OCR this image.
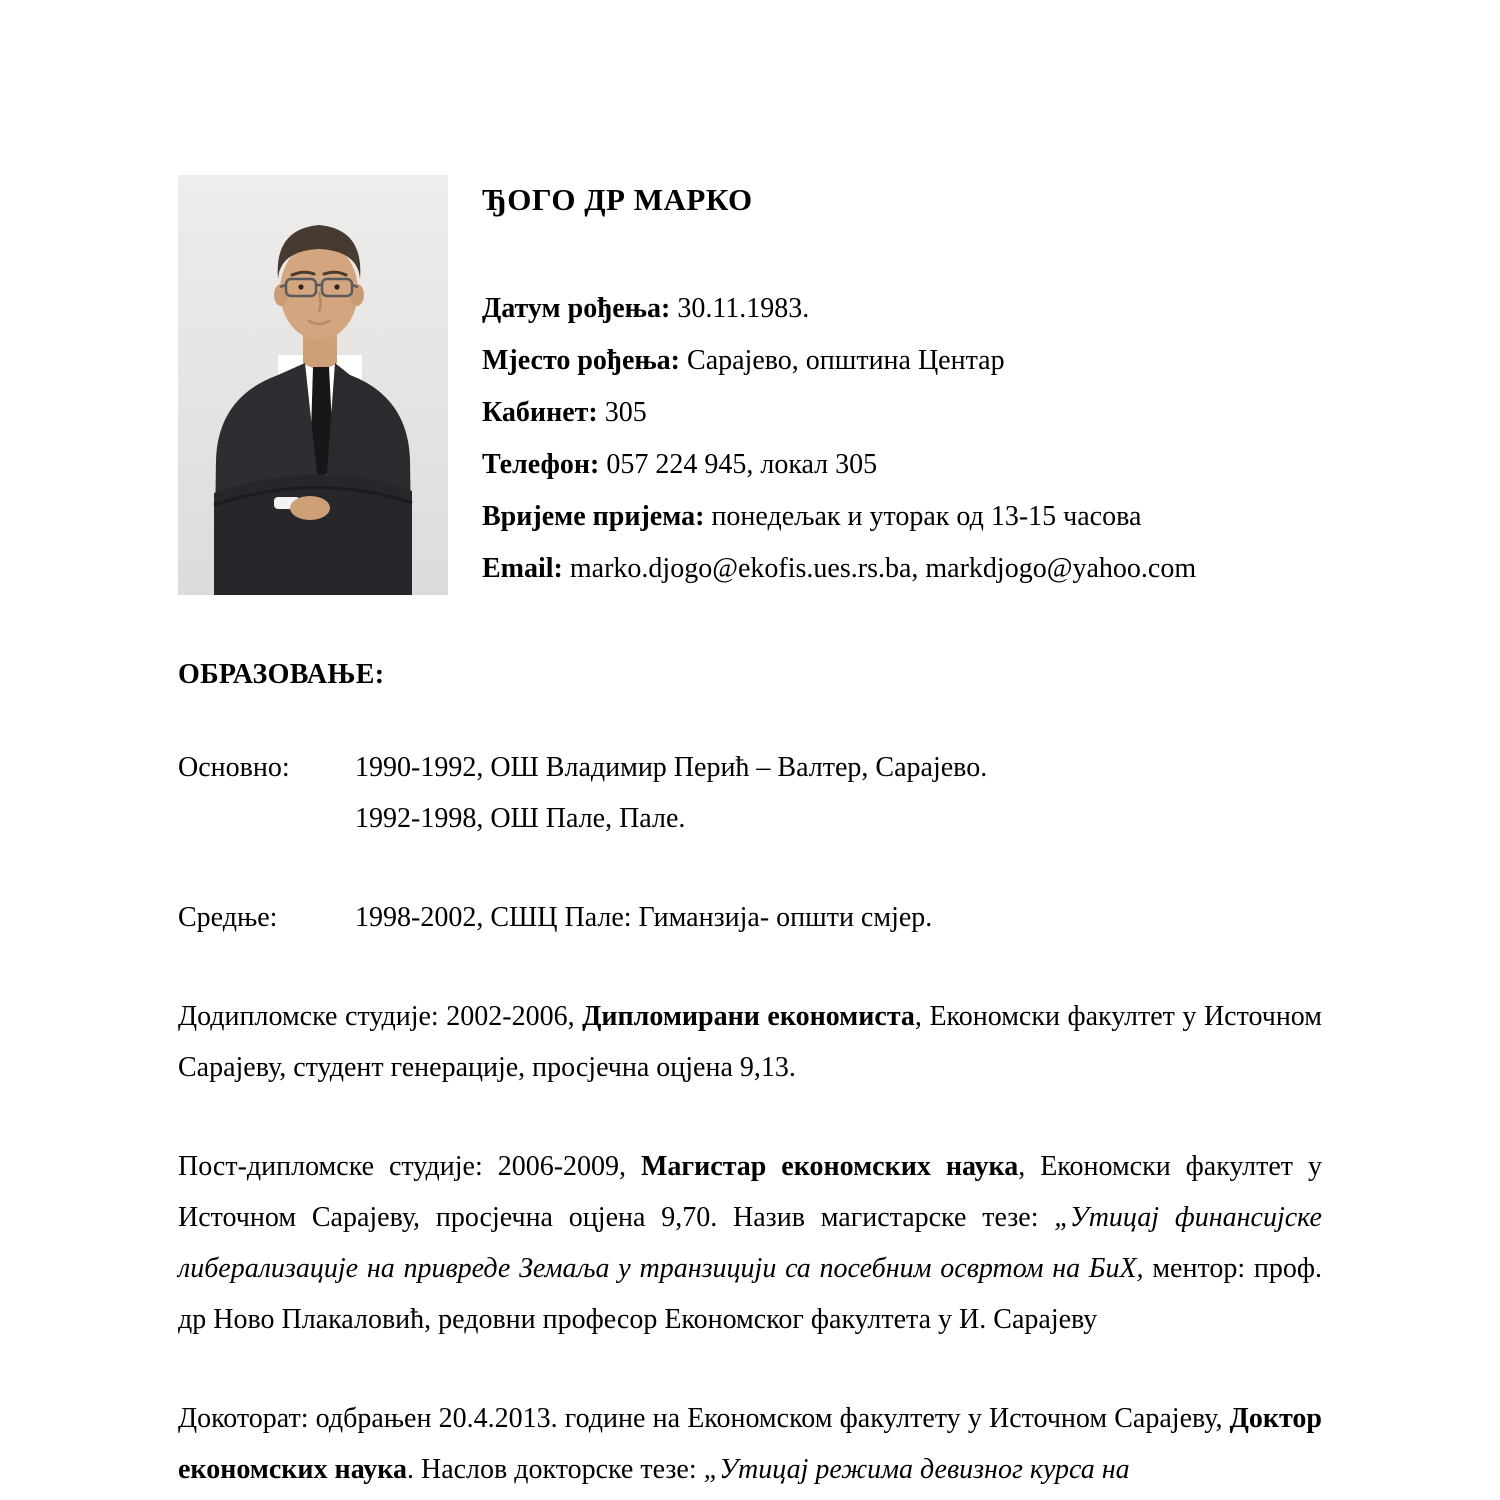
ЂОГО ДР МАРКО

Датум рођења: 30.11.1983.

Мјесто рођења: Сарајево, општина Центар

Кабинет: 305

Телефон: 057 224 945, локал 305

Вријеме пријема: понедељак и уторак од 13-15 часова

Email: marko.djogo@ekofis.ues.rs.ba, markdjogo@yahoo.com

ОБРАЗОВАЊЕ:
Основно:	1990-1992, ОШ Владимир Перић – Валтер, Сарајево.

1992-1998, ОШ Пале, Пале.

Средње:	1998-2002, СШЦ Пале: Гиманзија- општи смјер.

Додипломске студије: 2002-2006, Дипломирани економиста, Економски факултет у Источном Сарајеву, студент генерације, просјечна оцјена 9,13.

Пост-дипломске студије: 2006-2009, Магистар економских наука, Економски факултет у Источном Сарајеву, просјечна оцјена 9,70. Назив магистарске тезе: „Утицај финансијске либерализације на привреде Земаља у транзицији са посебним освртом на БиХ, ментор: проф. др Ново Плакаловић, редовни професор Економског факултета у И. Сарајеву

Докоторат: одбрањен 20.4.2013. године на Економском факултету у Источном Сарајеву, Доктор економских наука. Наслов докторске тезе: „Утицај режима девизног курса на
